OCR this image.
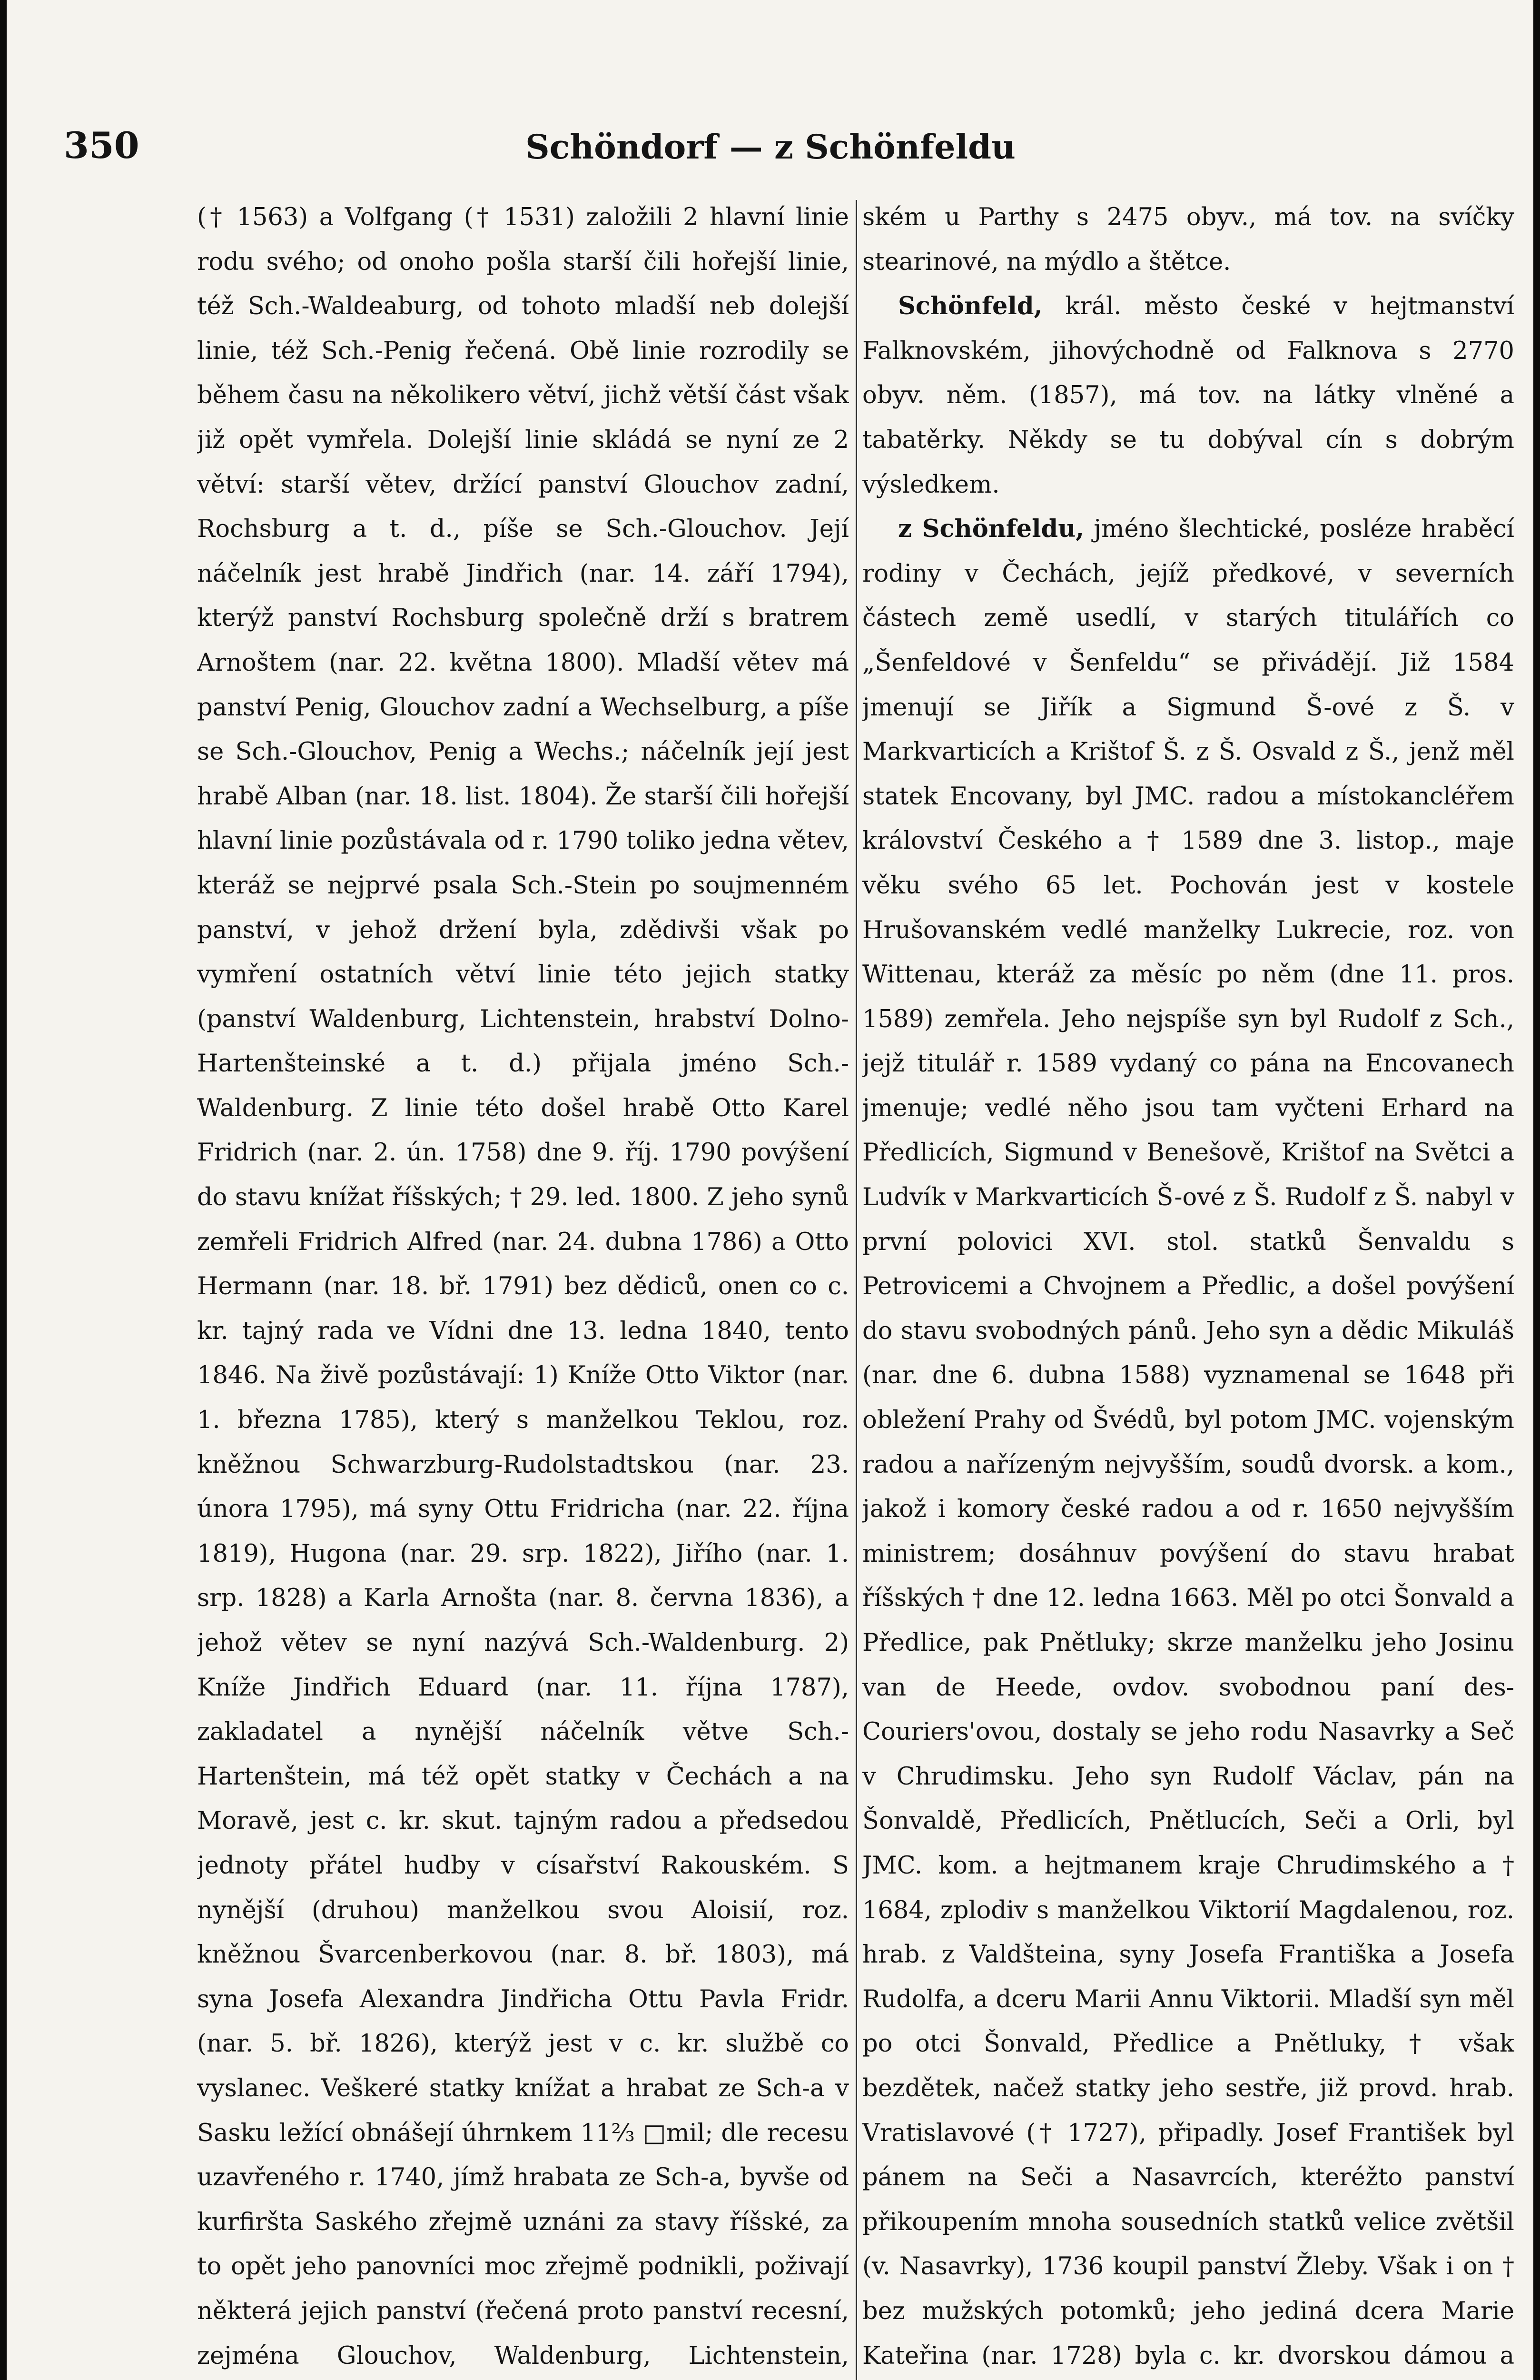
350	Schöndorf — z Schönfeldu

(† 1563) a Volfgang († 1531) založili 2 hlavní linie rodu svého; od onoho pošla starší čili hořejší linie, též Sch.-Waldeaburg, od tohoto mladší neb dolejší linie, též Sch.-Penig řečená. Obě linie rozrodily se během času na několikero větví, jichž větší část však již opět vymřela. Dolejší linie skládá se nyní ze 2 větví: starší větev, držící panství Glouchov zadní, Rochsburg a t. d., píše se Sch.-Glouchov. Její náčelník jest hrabě Jindřich (nar. 14. září 1794), kterýž panství Rochsburg společně drží s bratrem Arnoštem (nar. 22. května 1800). Mladší větev má panství Penig, Glouchov zadní a Wechselburg, a píše se Sch.-Glouchov, Penig a Wechs.; náčelník její jest hrabě Alban (nar. 18. list. 1804). Že starší čili hořejší hlavní linie pozůstávala od r. 1790 toliko jedna větev, kteráž se nejprvé psala Sch.-Stein po soujmenném panství, v jehož držení byla, zdědivši však po vymření ostatních větví linie této jejich statky (panství Waldenburg, Lichtenstein, hrabství Dolno-Hartenšteinské a t. d.) přijala jméno Sch.-Waldenburg. Z linie této došel hrabě Otto Karel Fridrich (nar. 2. ún. 1758) dne 9. říj. 1790 povýšení do stavu knížat říšských; † 29. led. 1800. Z jeho synů zemřeli Fridrich Alfred (nar. 24. dubna 1786) a Otto Hermann (nar. 18. bř. 1791) bez dědiců, onen co c. kr. tajný rada ve Vídni dne 13. ledna 1840, tento 1846. Na živě pozůstávají: 1) Kníže Otto Viktor (nar. 1. března 1785), který s manželkou Teklou, roz. kněžnou Schwarzburg-Rudolstadtskou (nar. 23. února 1795), má syny Ottu Fridricha (nar. 22. října 1819), Hugona (nar. 29. srp. 1822), Jiřího (nar. 1. srp. 1828) a Karla Arnošta (nar. 8. června 1836), a jehož větev se nyní nazývá Sch.-Waldenburg. 2) Kníže Jindřich Eduard (nar. 11. října 1787), zakladatel a nynější náčelník větve Sch.-Hartenštein, má též opět statky v Čechách a na Moravě, jest c. kr. skut. tajným radou a předsedou jednoty přátel hudby v císařství Rakouském. S nynější (druhou) manželkou svou Aloisií, roz. kněžnou Švarcenberkovou (nar. 8. bř. 1803), má syna Josefa Alexandra Jindřicha Ottu Pavla Fridr. (nar. 5. bř. 1826), kterýž jest v c. kr. službě co vyslanec. Veškeré statky knížat a hrabat ze Sch-a v Sasku ležící obnášejí úhrnkem 11⅔ □mil; dle recesu uzavřeného r. 1740, jímž hrabata ze Sch-a, byvše od kurfiršta Saského zřejmě uznáni za stavy říšské, za to opět jeho panovníci moc zřejmě podnikli, poživají některá jejich panství (řečená proto panství recesní, zejména Glouchov, Waldenburg, Lichtenstein,

ském u Parthy s 2475 obyv., má tov. na svíčky stearinové, na mýdlo a štětce.

Schönfeld, král. město české v hejtmanství Falknovském, jihovýchodně od Falknova s 2770 obyv. něm. (1857), má tov. na látky vlněné a tabatěrky. Někdy se tu dobýval cín s dobrým výsledkem.

z Schönfeldu, jméno šlechtické, posléze hraběcí rodiny v Čechách, jejíž předkové, v severních částech země usedlí, v starých titulářích co „Šenfeldové v Šenfeldu“ se přivádějí. Již 1584 jmenují se Jiřík a Sigmund Š-ové z Š. v Markvarticích a Krištof Š. z Š. Osvald z Š., jenž měl statek Encovany, byl JMC. radou a místokancléřem království Českého a † 1589 dne 3. listop., maje věku svého 65 let. Pochován jest v kostele Hrušovanském vedlé manželky Lukrecie, roz. von Wittenau, kteráž za měsíc po něm (dne 11. pros. 1589) zemřela. Jeho nejspíše syn byl Rudolf z Sch., jejž titulář r. 1589 vydaný co pána na Encovanech jmenuje; vedlé něho jsou tam vyčteni Erhard na Předlicích, Sigmund v Benešově, Krištof na Světci a Ludvík v Markvarticích Š-ové z Š. Rudolf z Š. nabyl v první polovici XVI. stol. statků Šenvaldu s Petrovicemi a Chvojnem a Předlic, a došel povýšení do stavu svobodných pánů. Jeho syn a dědic Mikuláš (nar. dne 6. dubna 1588) vyznamenal se 1648 při obležení Prahy od Švédů, byl potom JMC. vojenským radou a nařízeným nejvyšším, soudů dvorsk. a kom., jakož i komory české radou a od r. 1650 nejvyšším ministrem; dosáhnuv povýšení do stavu hrabat říšských † dne 12. ledna 1663. Měl po otci Šonvald a Předlice, pak Pnětluky; skrze manželku jeho Josinu van de Heede, ovdov. svobodnou paní des-Couriers'ovou, dostaly se jeho rodu Nasavrky a Seč v Chrudimsku. Jeho syn Rudolf Václav, pán na Šonvaldě, Předlicích, Pnětlucích, Seči a Orli, byl JMC. kom. a hejtmanem kraje Chrudimského a † 1684, zplodiv s manželkou Viktorií Magdalenou, roz. hrab. z Valdšteina, syny Josefa Františka a Josefa Rudolfa, a dceru Marii Annu Viktorii. Mladší syn měl po otci Šonvald, Předlice a Pnětluky, † však bezdětek, načež statky jeho sestře, již provd. hrab. Vratislavové († 1727), připadly. Josef František byl pánem na Seči a Nasavrcích, kteréžto panství přikoupením mnoha sousedních statků velice zvětšil (v. Nasavrky), 1736 koupil panství Žleby. Však i on † bez mužských potomků; jeho jediná dcera Marie Kateřina (nar. 1728) byla c. kr. dvorskou dámou a
